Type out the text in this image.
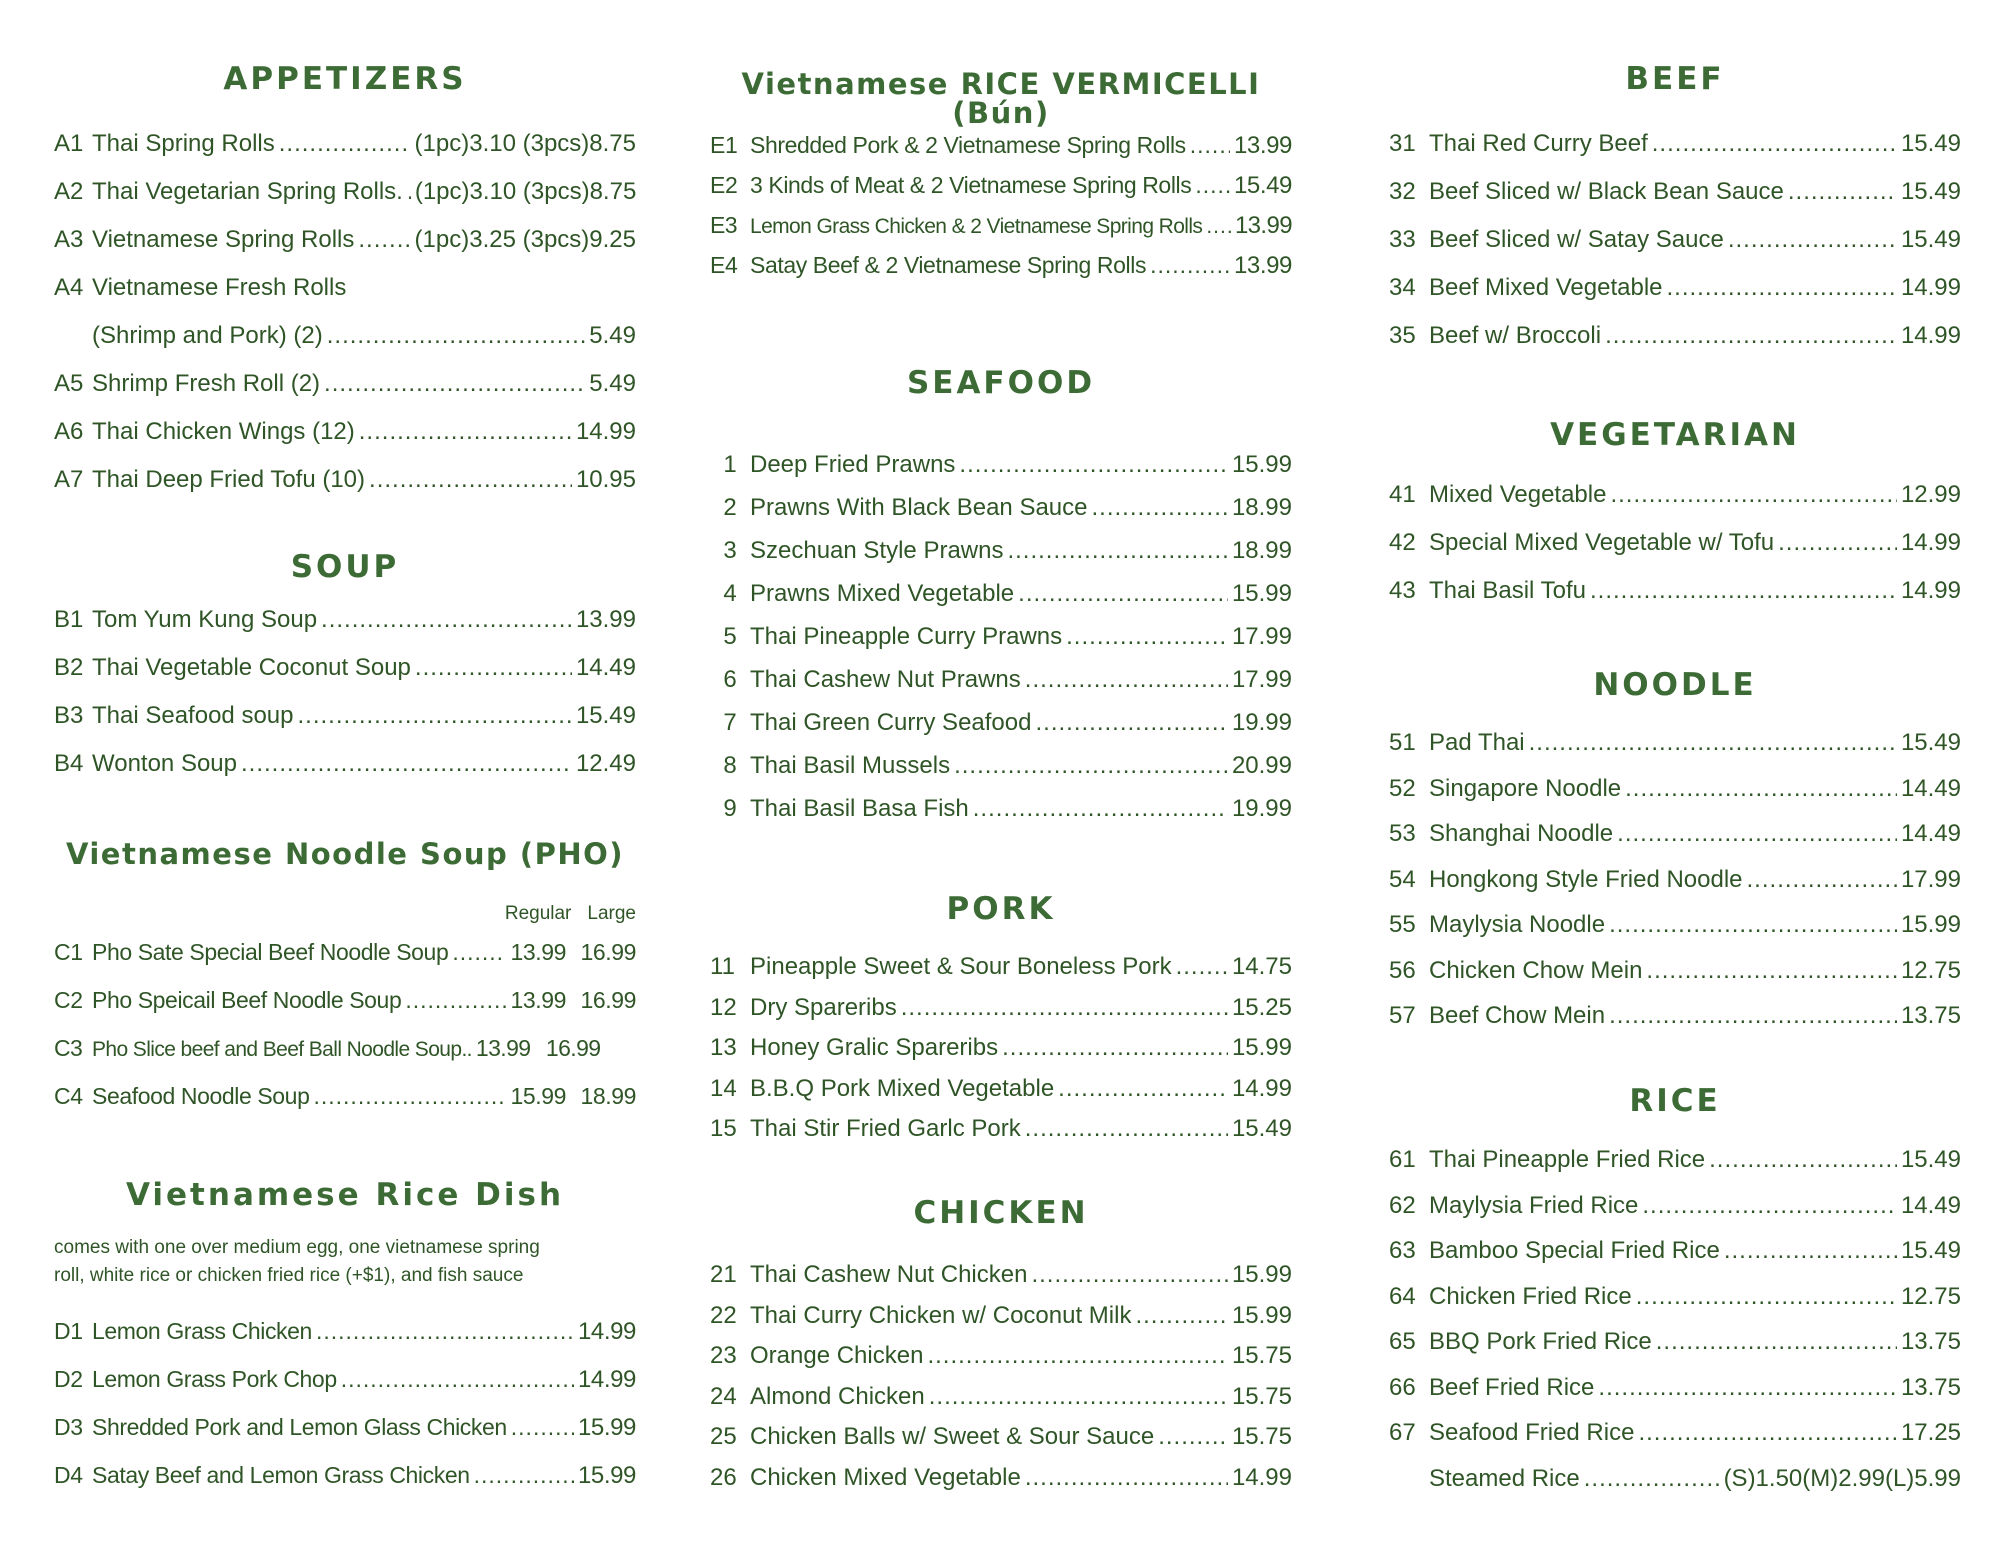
APPETIZERS
A1 Thai Spring Rolls .....	(1pc)3.10 (3pcs)8.75
A2 Thai Vegetarian Spring Rolls. ..... (1pc)3.10 (3pcs)8.75
A3 Vietnamese Spring Rolls .....	(1pc)3.25 (3pcs)9.25
A4 Vietnamese Fresh Rolls
(Shrimp and Pork) (2) .....	5.49
A5 Shrimp Fresh Roll (2) .....	5.49
A6 Thai Chicken Wings (12) .....	14.99
A7 Thai Deep Fried Tofu (10) .....	10.95
SOUP
B1 Tom Yum Kung Soup .....	13.99
B2 Thai Vegetable Coconut Soup .....	14.49
B3 Thai Seafood soup .....	15.49
B4 Wonton Soup .....	12.49
Vietnamese Noodle Soup (PHO)
Regular Large
C1 Pho Sate Special Beef Noodle Soup .....	13.99 16.99
C2 Pho Speicail Beef Noodle Soup .....	13.99 16.99
C3 Pho Slice beef and Beef Ball Noodle Soup.. 13.99 16.99
C4 Seafood Noodle Soup .....	15.99 18.99
Vietnamese Rice Dish
comes with one over medium egg, one vietnamese spring
roll, white rice or chicken fried rice (+$1), and fish sauce
D1 Lemon Grass Chicken .....	14.99
D2 Lemon Grass Pork Chop .....	14.99
D3 Shredded Pork and Lemon Glass Chicken .....	15.99
D4 Satay Beef and Lemon Grass Chicken .....	15.99
Vietnamese RICE VERMICELLI (Bún)
E1 Shredded Pork & 2 Vietnamese Spring Rolls ..... 13.99
E2 3 Kinds of Meat & 2 Vietnamese Spring Rolls ..... 15.49
E3 Lemon Grass Chicken & 2 Vietnamese Spring Rolls ..... 13.99
E4 Satay Beef & 2 Vietnamese Spring Rolls .....	13.99
SEAFOOD
1 Deep Fried Prawns .....	15.99
2 Prawns With Black Bean Sauce .....	18.99
3 Szechuan Style Prawns .....	18.99
4 Prawns Mixed Vegetable .....	15.99
5 Thai Pineapple Curry Prawns .....	17.99
6 Thai Cashew Nut Prawns .....	17.99
7 Thai Green Curry Seafood .....	19.99
8 Thai Basil Mussels .....	20.99
9 Thai Basil Basa Fish .....	19.99
PORK
11 Pineapple Sweet & Sour Boneless Pork .....	14.75
12 Dry Spareribs .....	15.25
13 Honey Gralic Spareribs .....	15.99
14 B.B.Q Pork Mixed Vegetable .....	14.99
15 Thai Stir Fried Garlc Pork .....	15.49
CHICKEN
21 Thai Cashew Nut Chicken .....	15.99
22 Thai Curry Chicken w/ Coconut Milk .....	15.99
23 Orange Chicken .....	15.75
24 Almond Chicken .....	15.75
25 Chicken Balls w/ Sweet & Sour Sauce .....	15.75
26 Chicken Mixed Vegetable .....	14.99
BEEF
31 Thai Red Curry Beef .....	15.49
32 Beef Sliced w/ Black Bean Sauce .....	15.49
33 Beef Sliced w/ Satay Sauce .....	15.49
34 Beef Mixed Vegetable .....	14.99
35 Beef w/ Broccoli .....	14.99
VEGETARIAN
41 Mixed Vegetable .....	12.99
42 Special Mixed Vegetable w/ Tofu .....	14.99
43 Thai Basil Tofu .....	14.99
NOODLE
51 Pad Thai .....	15.49
52 Singapore Noodle .....	14.49
53 Shanghai Noodle .....	14.49
54 Hongkong Style Fried Noodle .....	17.99
55 Maylysia Noodle .....	15.99
56 Chicken Chow Mein .....	12.75
57 Beef Chow Mein .....	13.75
RICE
61 Thai Pineapple Fried Rice .....	15.49
62 Maylysia Fried Rice .....	14.49
63 Bamboo Special Fried Rice .....	15.49
64 Chicken Fried Rice .....	12.75
65 BBQ Pork Fried Rice .....	13.75
66 Beef Fried Rice .....	13.75
67 Seafood Fried Rice .....	17.25
Steamed Rice .....	(S)1.50(M)2.99(L)5.99
